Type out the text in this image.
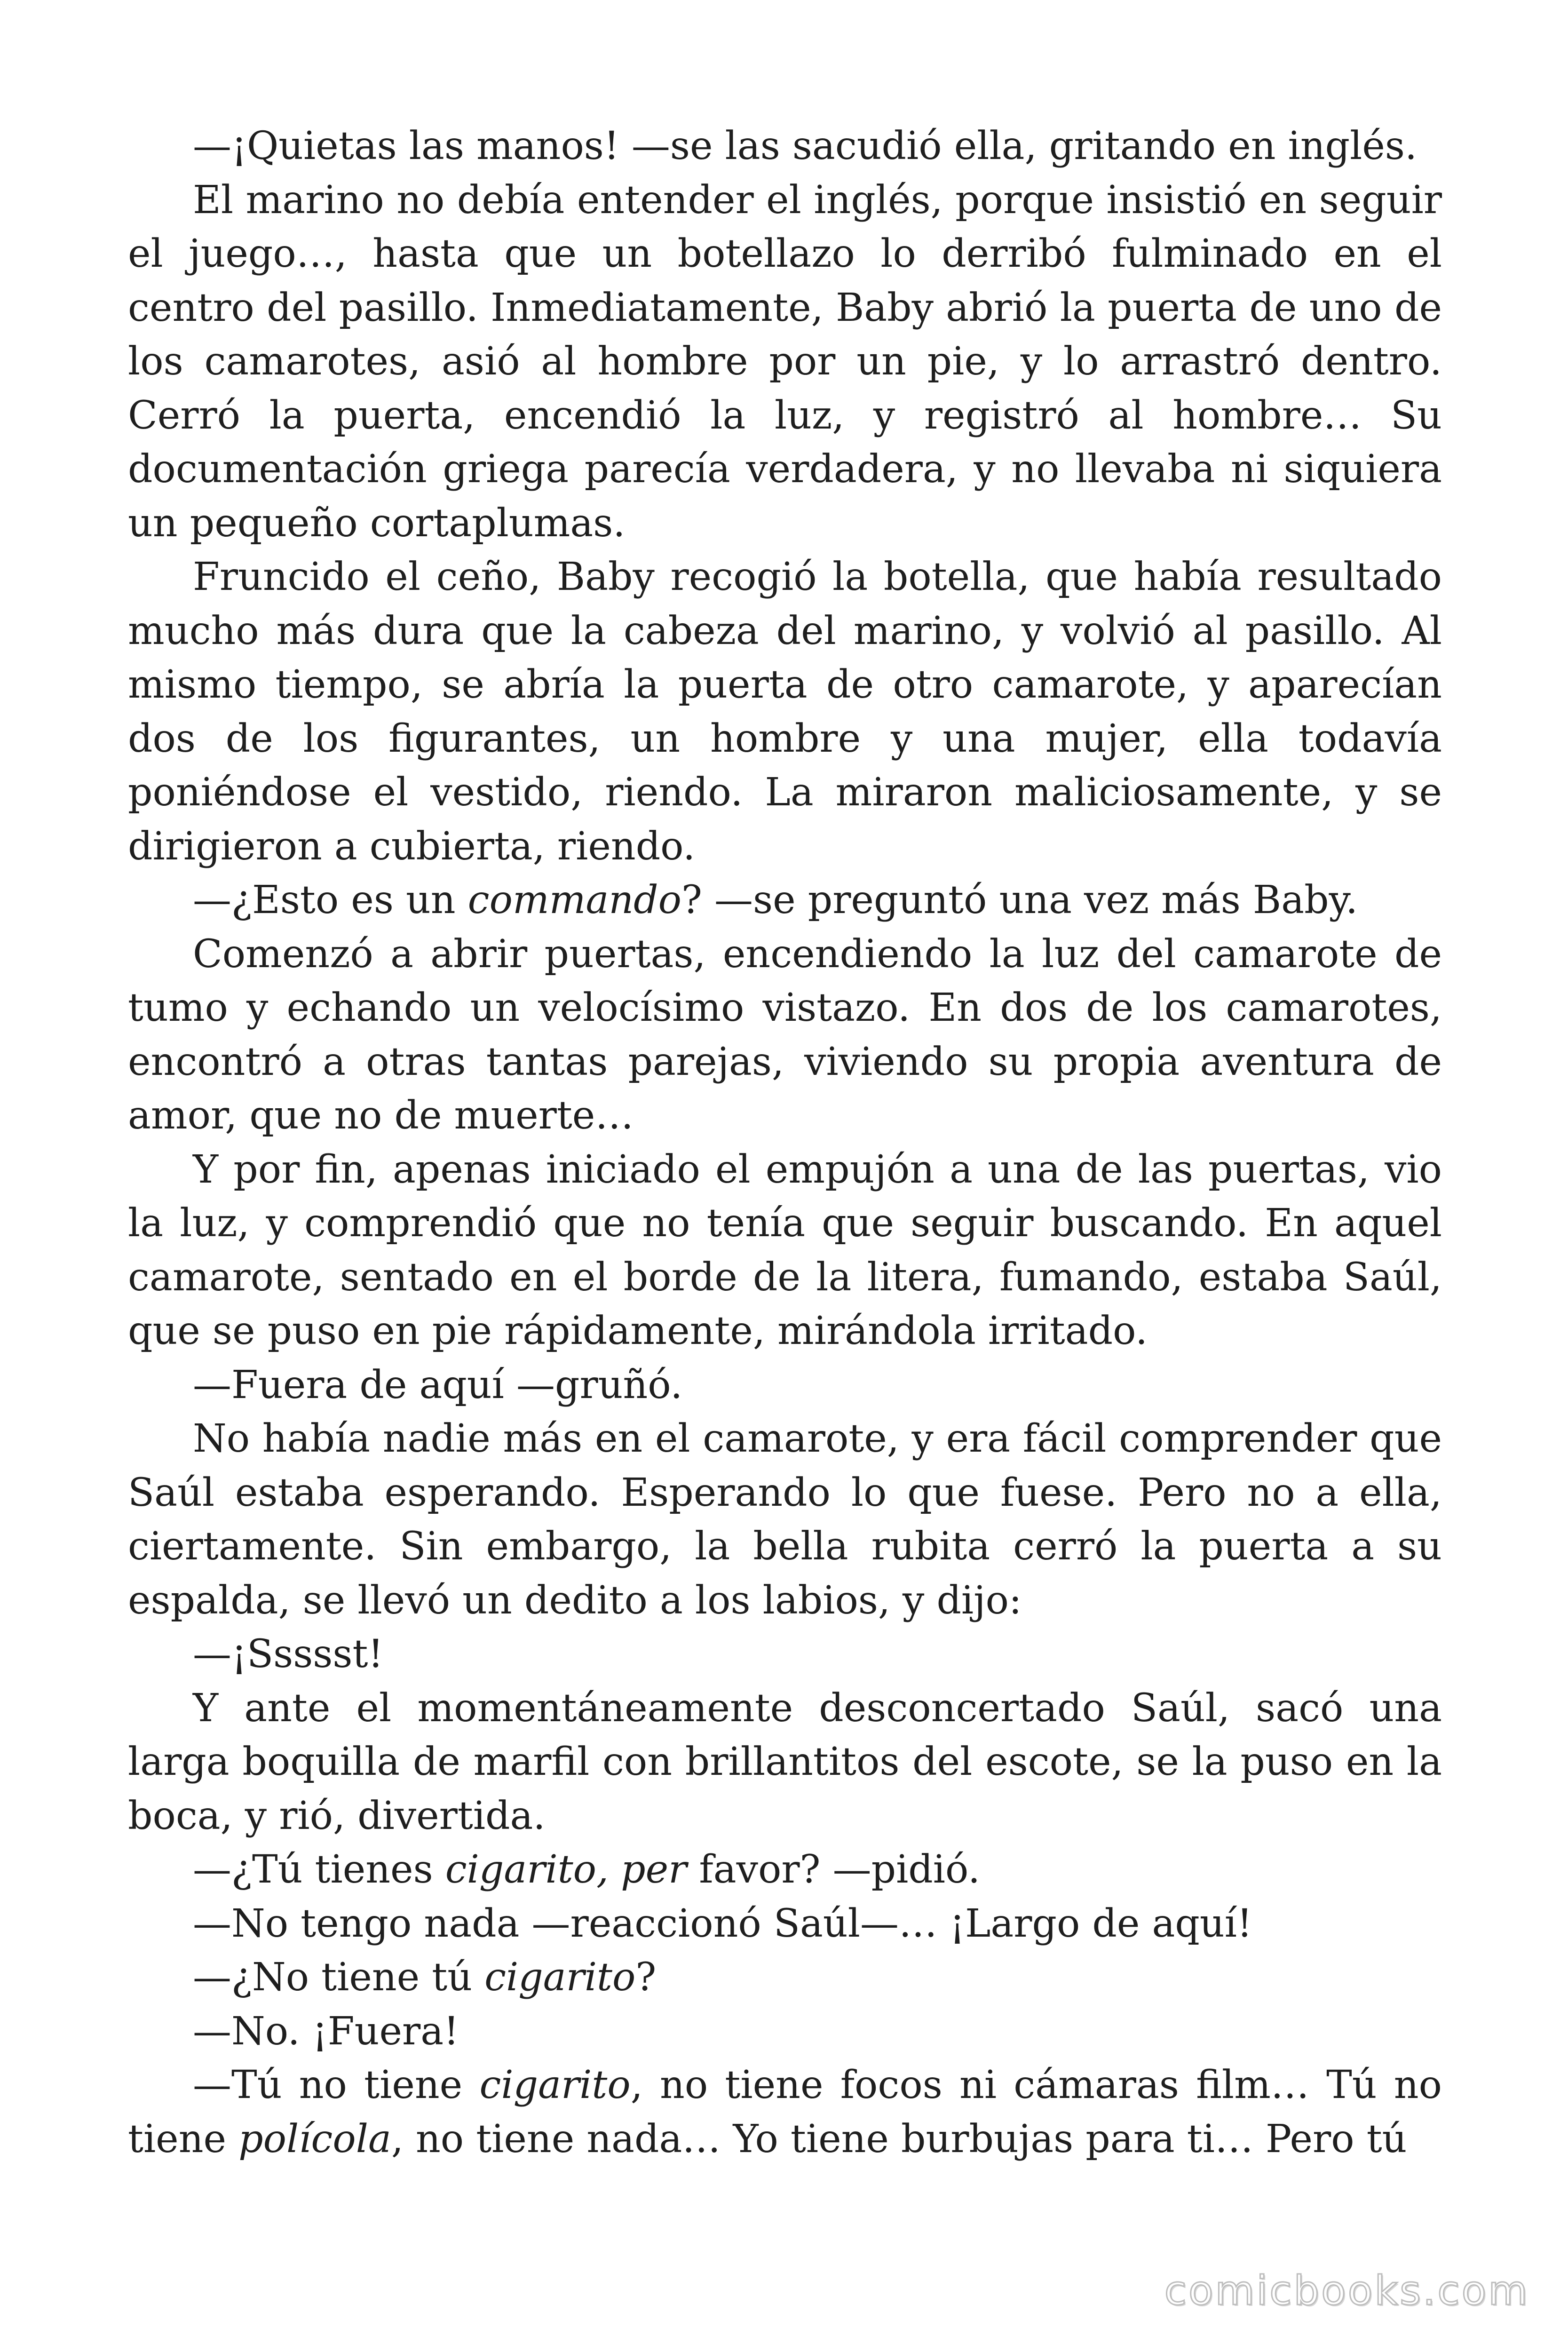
—¡Quietas las manos! —se las sacudió ella, gritando en inglés.

El marino no debía entender el inglés, porque insistió en seguir el juego…, hasta que un botellazo lo derribó fulminado en el centro del pasillo. Inmediatamente, Baby abrió la puerta de uno de los camarotes, asió al hombre por un pie, y lo arrastró dentro. Cerró la puerta, encendió la luz, y registró al hombre… Su documentación griega parecía verdadera, y no llevaba ni siquiera un pequeño cortaplumas.

Fruncido el ceño, Baby recogió la botella, que había resultado mucho más dura que la cabeza del marino, y volvió al pasillo. Al mismo tiempo, se abría la puerta de otro camarote, y aparecían dos de los figurantes, un hombre y una mujer, ella todavía poniéndose el vestido, riendo. La miraron maliciosamente, y se dirigieron a cubierta, riendo.

—¿Esto es un commando? —se preguntó una vez más Baby.

Comenzó a abrir puertas, encendiendo la luz del camarote de tumo y echando un velocísimo vistazo. En dos de los camarotes, encontró a otras tantas parejas, viviendo su propia aventura de amor, que no de muerte…

Y por fin, apenas iniciado el empujón a una de las puertas, vio la luz, y comprendió que no tenía que seguir buscando. En aquel camarote, sentado en el borde de la litera, fumando, estaba Saúl, que se puso en pie rápidamente, mirándola irritado.

—Fuera de aquí —gruñó.

No había nadie más en el camarote, y era fácil comprender que Saúl estaba esperando. Esperando lo que fuese. Pero no a ella, ciertamente. Sin embargo, la bella rubita cerró la puerta a su espalda, se llevó un dedito a los labios, y dijo:

—¡Ssssst!

Y ante el momentáneamente desconcertado Saúl, sacó una larga boquilla de marfil con brillantitos del escote, se la puso en la boca, y rió, divertida.

—¿Tú tienes cigarito, per favor? —pidió.

—No tengo nada —reaccionó Saúl—… ¡Largo de aquí!

—¿No tiene tú cigarito?

—No. ¡Fuera!

—Tú no tiene cigarito, no tiene focos ni cámaras film… Tú no tiene polícola, no tiene nada… Yo tiene burbujas para ti… Pero tú

comicbooks.com
